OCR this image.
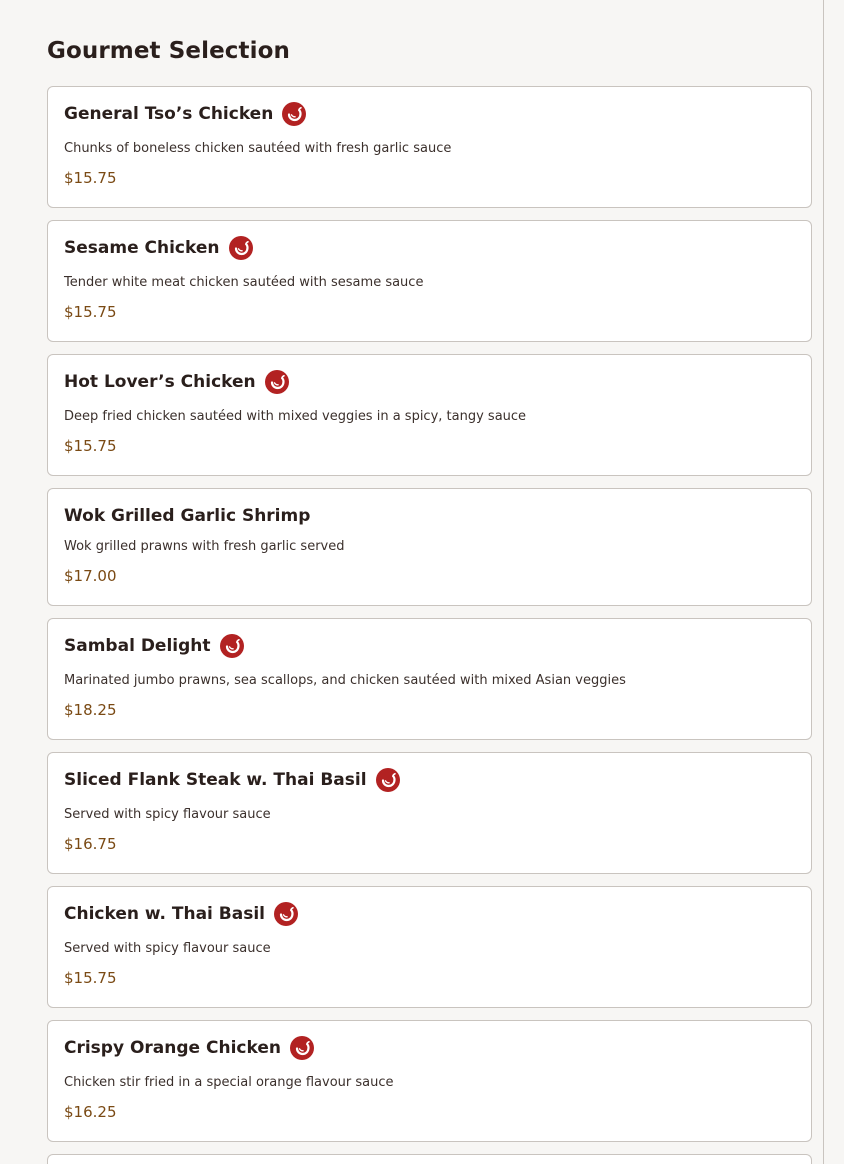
Gourmet Selection
General Tso’s Chicken
Chunks of boneless chicken sautéed with fresh garlic sauce
$15.75
Sesame Chicken
Tender white meat chicken sautéed with sesame sauce
$15.75
Hot Lover’s Chicken
Deep fried chicken sautéed with mixed veggies in a spicy, tangy sauce
$15.75
Wok Grilled Garlic Shrimp
Wok grilled prawns with fresh garlic served
$17.00
Sambal Delight
Marinated jumbo prawns, sea scallops, and chicken sautéed with mixed Asian veggies
$18.25
Sliced Flank Steak w. Thai Basil
Served with spicy flavour sauce
$16.75
Chicken w. Thai Basil
Served with spicy flavour sauce
$15.75
Crispy Orange Chicken
Chicken stir fried in a special orange flavour sauce
$16.25
